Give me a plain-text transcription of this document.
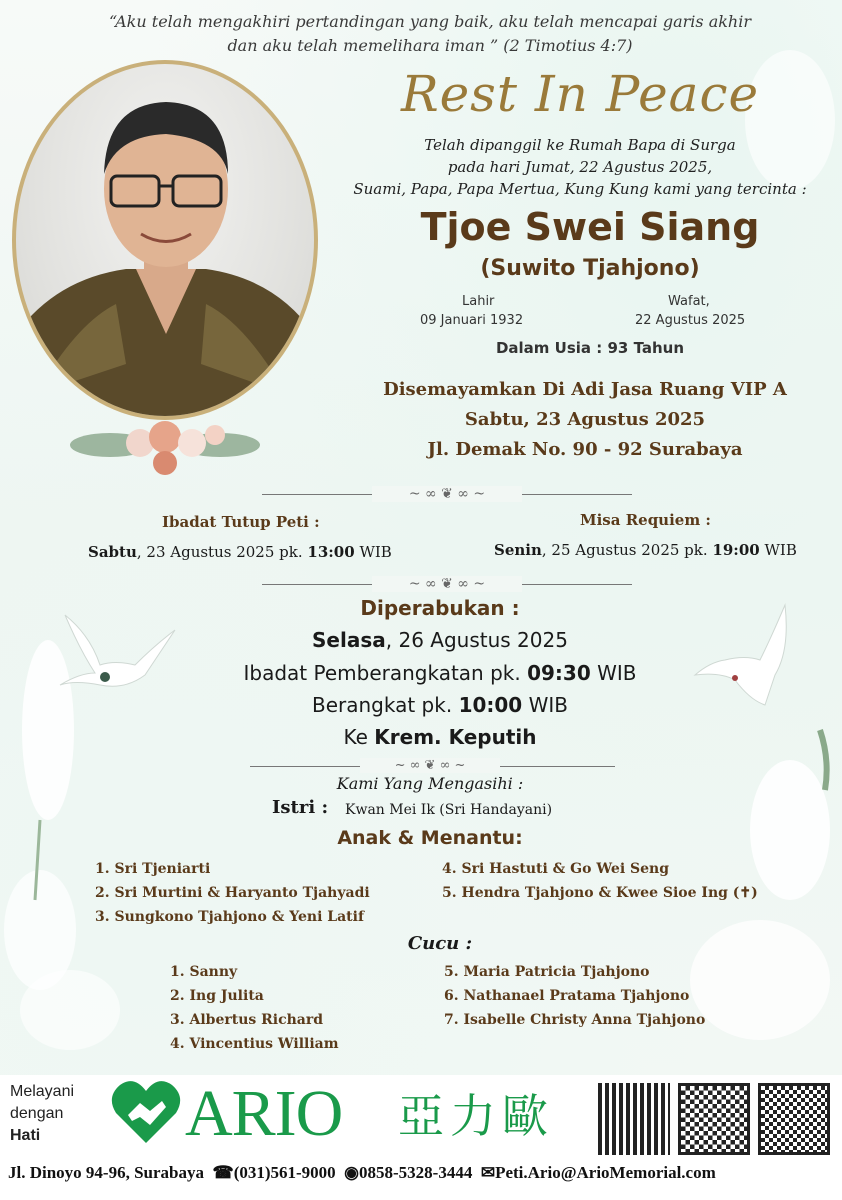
“Aku telah mengakhiri pertandingan yang baik, aku telah mencapai garis akhir
dan aku telah memelihara iman ” (2 Timotius 4:7)
Rest In Peace
Telah dipanggil ke Rumah Bapa di Surga
pada hari Jumat, 22 Agustus 2025,
Suami, Papa, Papa Mertua, Kung Kung kami yang tercinta :
Tjoe Swei Siang
(Suwito Tjahjono)
Lahir
09 Januari 1932
Wafat,
22 Agustus 2025
Dalam Usia : 93 Tahun
Disemayamkan Di Adi Jasa Ruang VIP A
Sabtu, 23 Agustus 2025
Jl. Demak No. 90 - 92 Surabaya
~ ∞ ❦ ∞ ~
Ibadat Tutup Peti :
Sabtu, 23 Agustus 2025 pk. 13:00 WIB
Misa Requiem :
Senin, 25 Agustus 2025 pk. 19:00 WIB
~ ∞ ❦ ∞ ~
Diperabukan :
Selasa, 26 Agustus 2025
Ibadat Pemberangkatan pk. 09:30 WIB
Berangkat pk. 10:00 WIB
Ke Krem. Keputih
~ ∞ ❦ ∞ ~
Kami Yang Mengasihi :
Istri : Kwan Mei Ik (Sri Handayani)
Anak & Menantu:
1. Sri Tjeniarti
2. Sri Murtini & Haryanto Tjahyadi
3. Sungkono Tjahjono & Yeni Latif
4. Sri Hastuti & Go Wei Seng
5. Hendra Tjahjono & Kwee Sioe Ing (✝)
Cucu :
1. Sanny
2. Ing Julita
3. Albertus Richard
4. Vincentius William
5. Maria Patricia Tjahjono
6. Nathanael Pratama Tjahjono
7. Isabelle Christy Anna Tjahjono
Melayani
dengan
Hati	ARIO 亞力歐
Jl. Dinoyo 94-96, Surabaya  ☎(031)561-9000  ◉0858-5328-3444  ✉Peti.Ario@ArioMemorial.com
